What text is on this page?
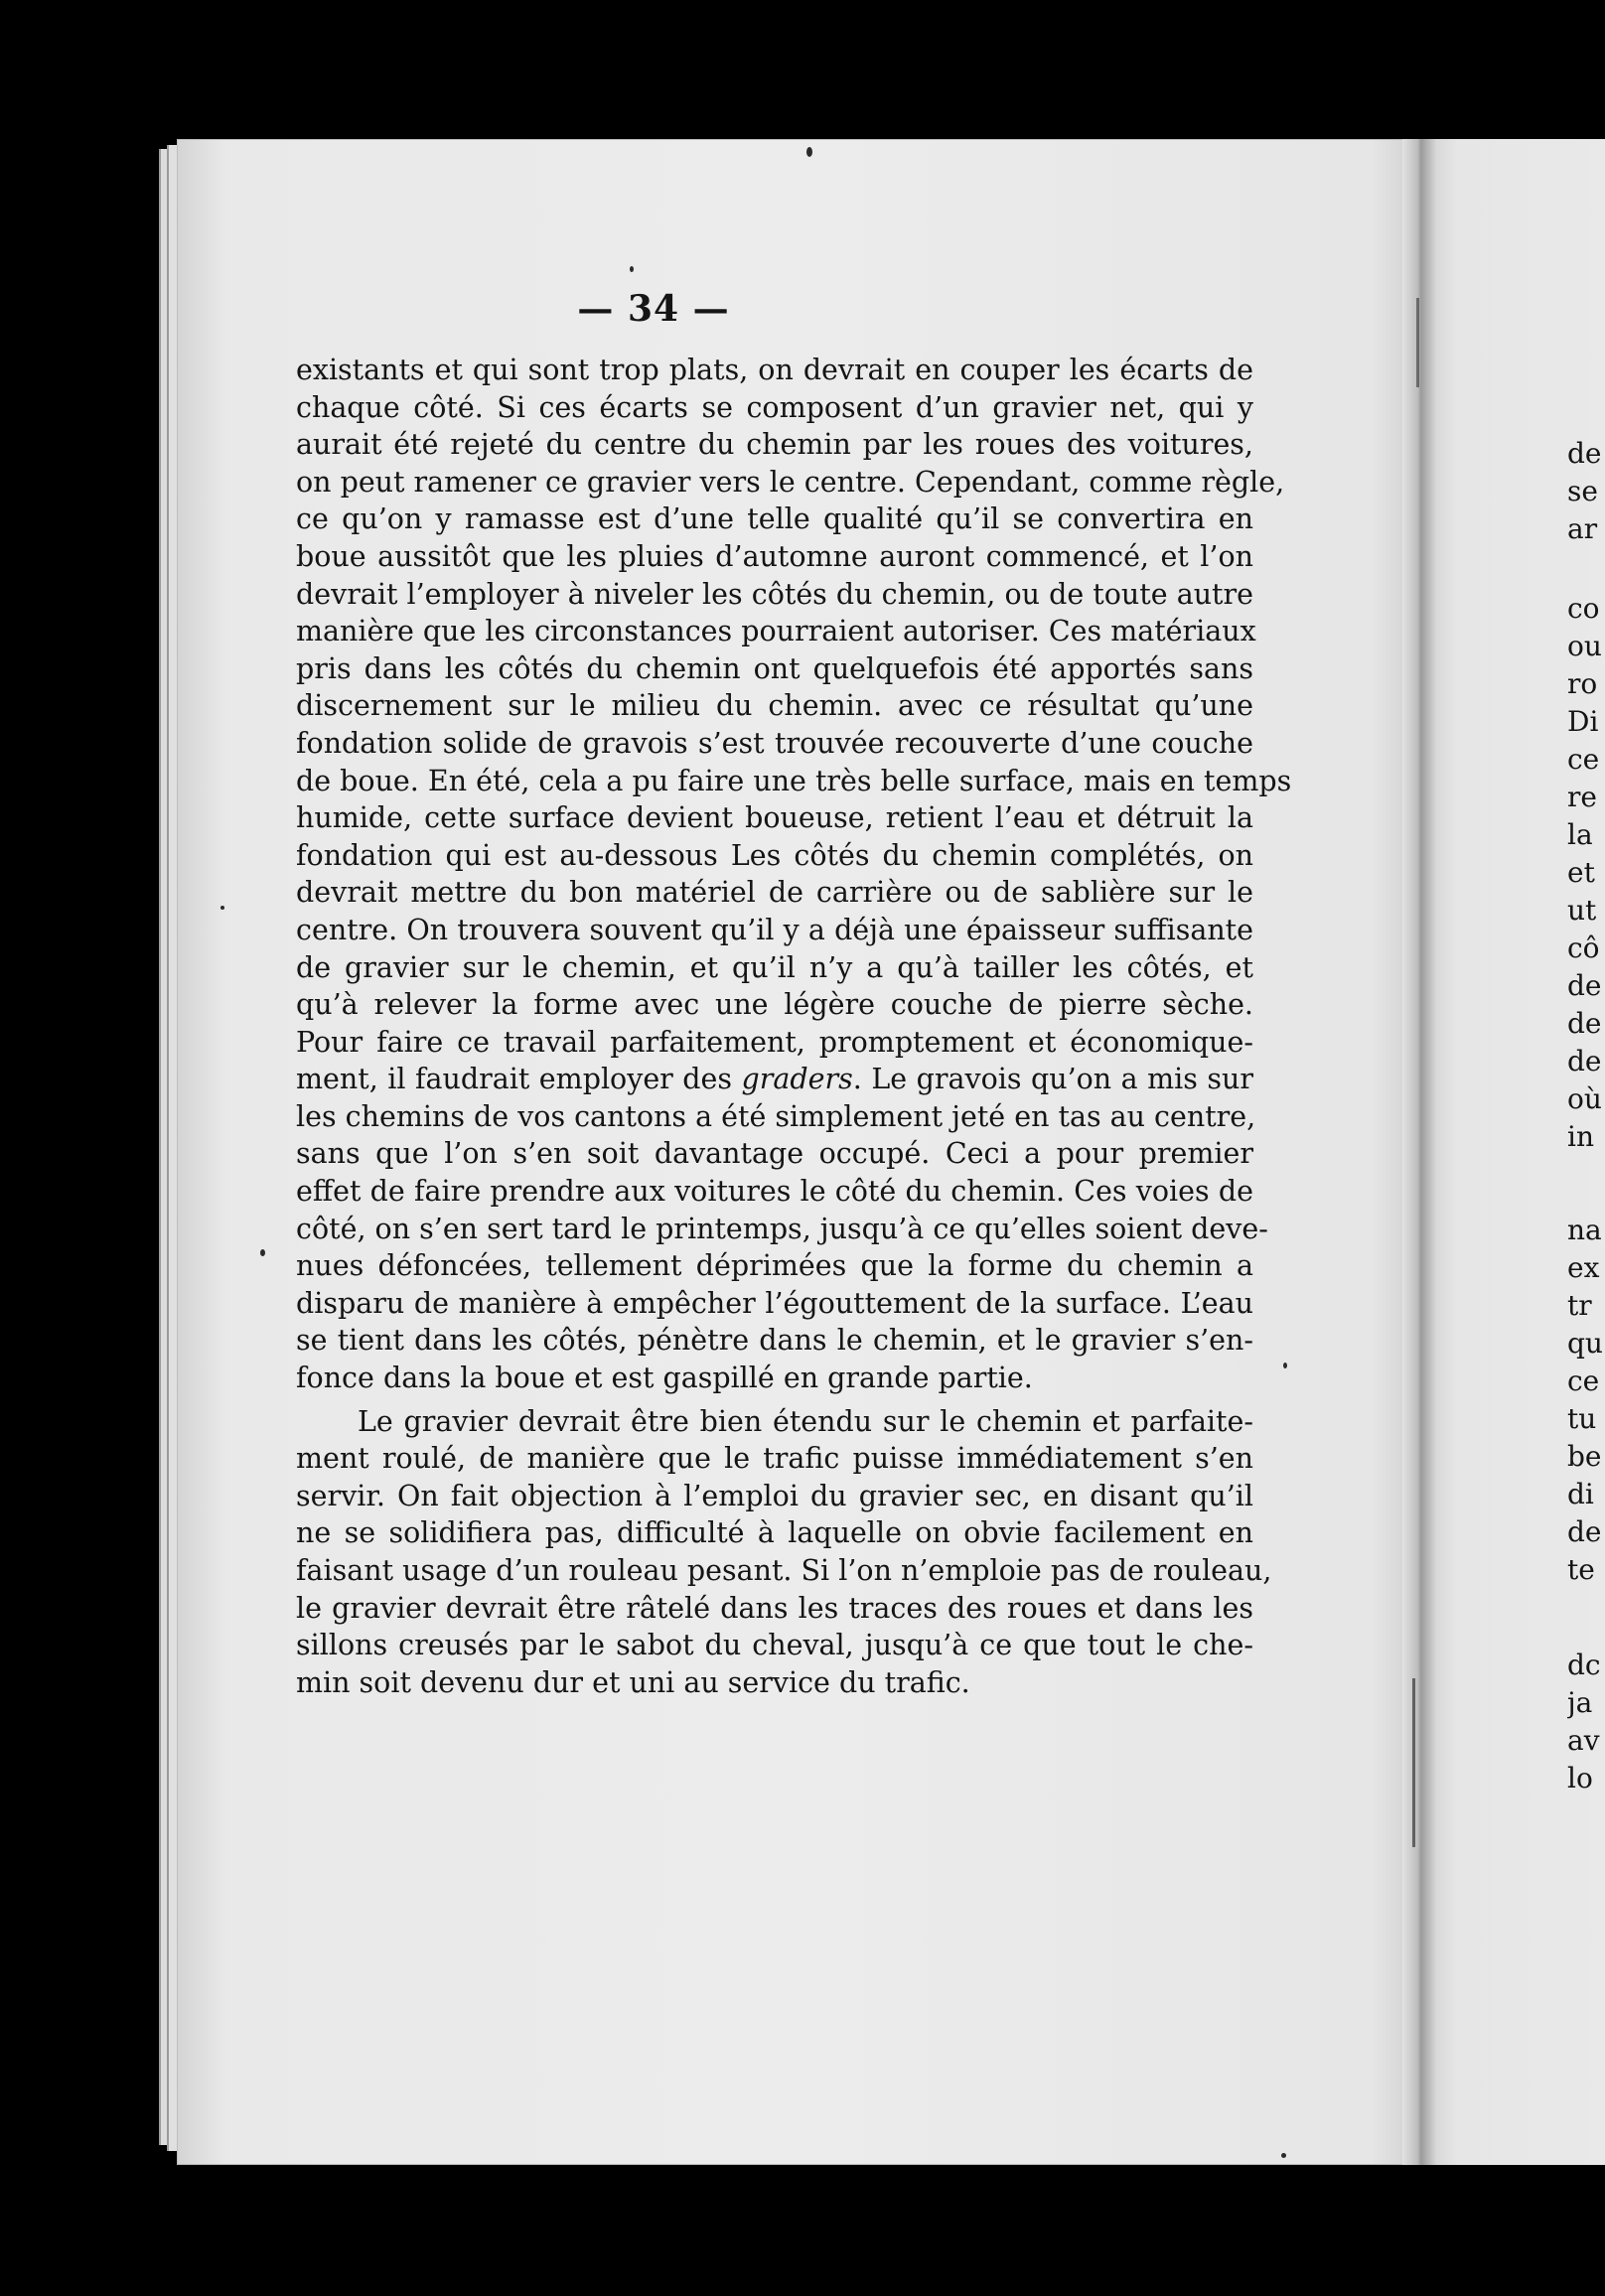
— 34 —
existants et qui sont trop plats, on devrait en couper les écarts de
chaque côté. Si ces écarts se composent d’un gravier net, qui y
aurait été rejeté du centre du chemin par les roues des voitures,
on peut ramener ce gravier vers le centre. Cependant, comme règle,
ce qu’on y ramasse est d’une telle qualité qu’il se convertira en
boue aussitôt que les pluies d’automne auront commencé, et l’on
devrait l’employer à niveler les côtés du chemin, ou de toute autre
manière que les circonstances pourraient autoriser. Ces matériaux
pris dans les côtés du chemin ont quelquefois été apportés sans
discernement sur le milieu du chemin. avec ce résultat qu’une
fondation solide de gravois s’est trouvée recouverte d’une couche
de boue. En été, cela a pu faire une très belle surface, mais en temps
humide, cette surface devient boueuse, retient l’eau et détruit la
fondation qui est au-dessous Les côtés du chemin complétés, on
devrait mettre du bon matériel de carrière ou de sablière sur le
centre. On trouvera souvent qu’il y a déjà une épaisseur suffisante
de gravier sur le chemin, et qu’il n’y a qu’à tailler les côtés, et
qu’à relever la forme avec une légère couche de pierre sèche.
Pour faire ce travail parfaitement, promptement et économique-
ment, il faudrait employer des graders. Le gravois qu’on a mis sur
les chemins de vos cantons a été simplement jeté en tas au centre,
sans que l’on s’en soit davantage occupé. Ceci a pour premier
effet de faire prendre aux voitures le côté du chemin. Ces voies de
côté, on s’en sert tard le printemps, jusqu’à ce qu’elles soient deve-
nues défoncées, tellement déprimées que la forme du chemin a
disparu de manière à empêcher l’égouttement de la surface. L’eau
se tient dans les côtés, pénètre dans le chemin, et le gravier s’en-
fonce dans la boue et est gaspillé en grande partie.
Le gravier devrait être bien étendu sur le chemin et parfaite-
ment roulé, de manière que le trafic puisse immédiatement s’en
servir. On fait objection à l’emploi du gravier sec, en disant qu’il
ne se solidifiera pas, difficulté à laquelle on obvie facilement en
faisant usage d’un rouleau pesant. Si l’on n’emploie pas de rouleau,
le gravier devrait être râtelé dans les traces des roues et dans les
sillons creusés par le sabot du cheval, jusqu’à ce que tout le che-
min soit devenu dur et uni au service du trafic.
de
se
ar
co
ou
ro
Di
ce
re
la
et
ut
cô
de
de
de
où
in
na
ex
tr
qu
ce
tu
be
di
de
te
dc
ja
av
lo
